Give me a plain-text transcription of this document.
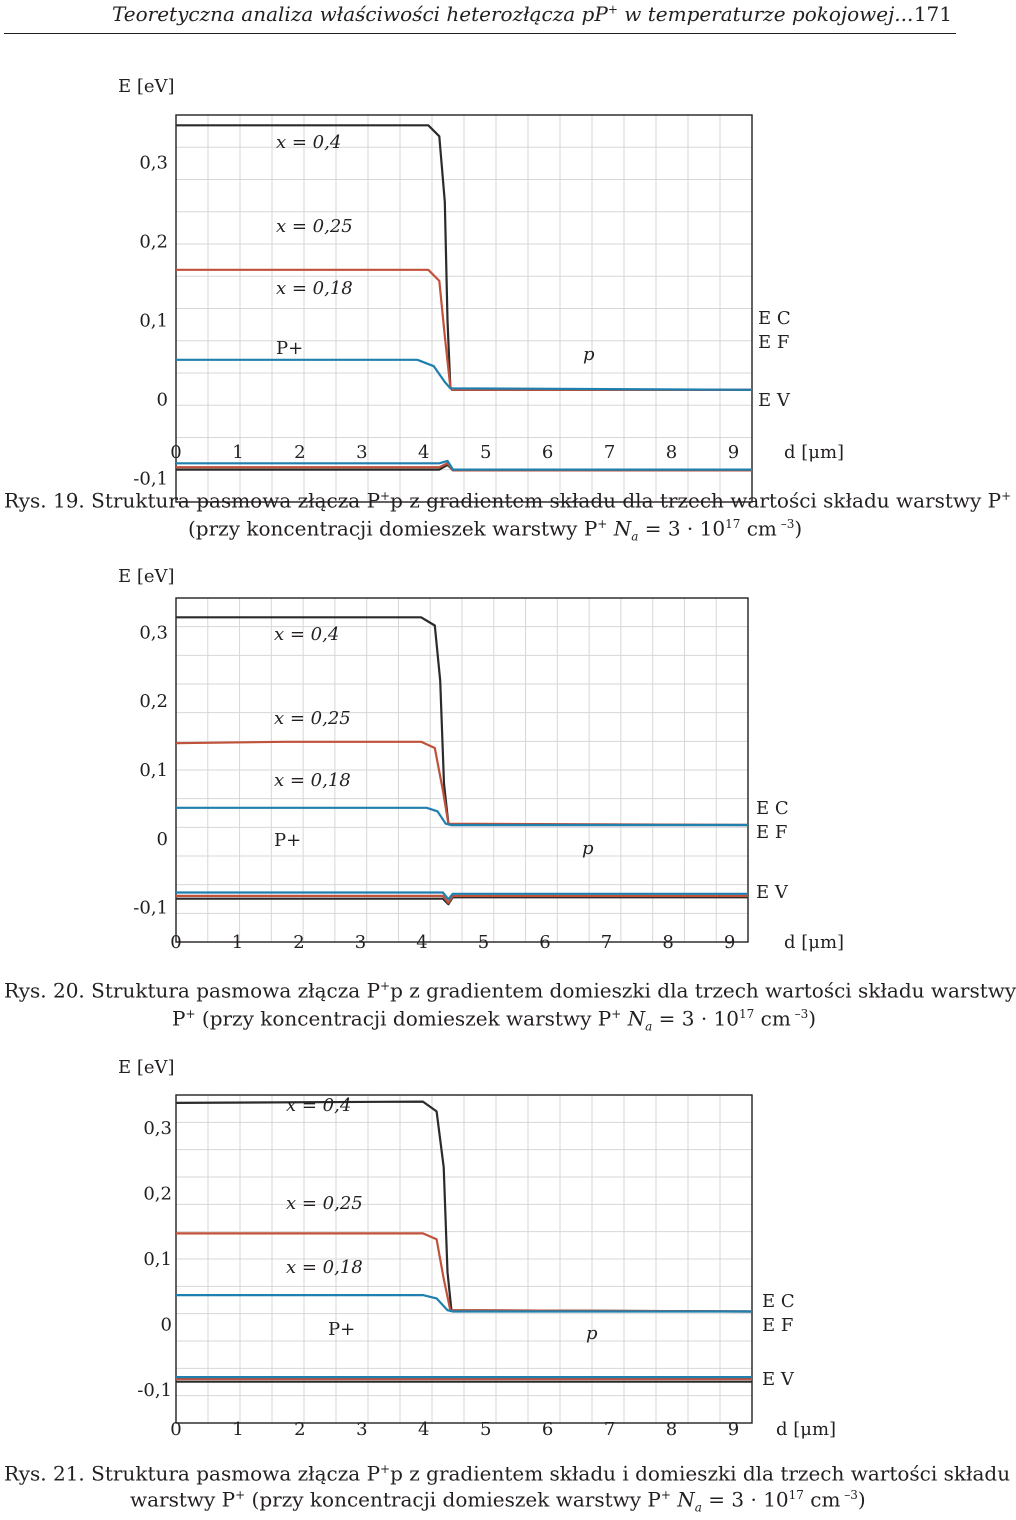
Teoretyczna analiza właściwości heterozłącza pP+ w temperaturze pokojowej... 171
E [eV]
0,3
0,2
0,1
0
-0,1
0	1	2	3	4	5	6	7	8	9 d [μm]
x = 0,4
x = 0,25
x = 0,18
P+	p
E C
E F
E V
Rys. 19. Struktura pasmowa złącza P+p z gradientem składu dla trzech wartości składu warstwy P+
(przy koncentracji domieszek warstwy P+ $N_a = 3 \cdot 10^{17}$ cm $^{-3}$)
E [eV]
0,3
0,2
0,1
0
-0,1
0	1	2	3	4	5	6	7	8	9	d [μm]
x = 0,4
x = 0,25
x = 0,18
P+	p
E C
E F
E V
Rys. 20. Struktura pasmowa złącza P+p z gradientem domieszki dla trzech wartości składu warstwy
P+ (przy koncentracji domieszek warstwy P+ $N_a = 3 \cdot 10^{17}$ cm $^{-3}$)
E [eV]
0,3
0,2
0,1
0
-0,1
0	1	2	3	4	5	6	7	8	9 d [μm]
x = 0,4
x = 0,25
x = 0,18
P+	p
E C
E F
E V
Rys. 21. Struktura pasmowa złącza P+p z gradientem składu i domieszki dla trzech wartości składu
warstwy P+ (przy koncentracji domieszek warstwy P+ $N_a = 3 \cdot 10^{17}$ cm $^{-3}$)
